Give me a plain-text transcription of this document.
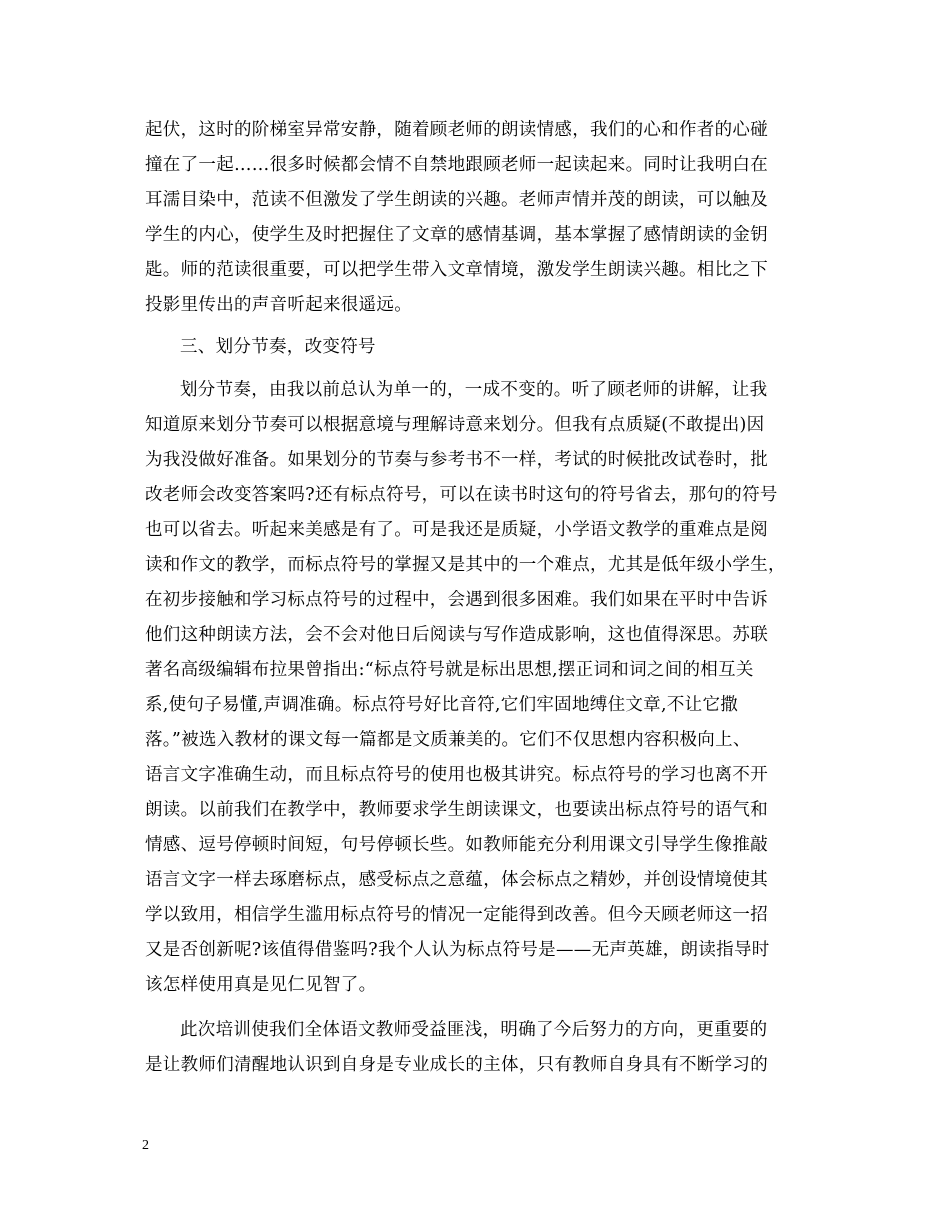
起伏，这时的阶梯室异常安静，随着顾老师的朗读情感，我们的心和作者的心碰
撞在了一起……很多时候都会情不自禁地跟顾老师一起读起来。同时让我明白在
耳濡目染中，范读不但激发了学生朗读的兴趣。老师声情并茂的朗读，可以触及
学生的内心，使学生及时把握住了文章的感情基调，基本掌握了感情朗读的金钥
匙。师的范读很重要，可以把学生带入文章情境，激发学生朗读兴趣。相比之下
投影里传出的声音听起来很遥远。
三、划分节奏，改变符号
划分节奏，由我以前总认为单一的，一成不变的。听了顾老师的讲解，让我
知道原来划分节奏可以根据意境与理解诗意来划分。但我有点质疑(不敢提出)因
为我没做好准备。如果划分的节奏与参考书不一样，考试的时候批改试卷时，批
改老师会改变答案吗?还有标点符号，可以在读书时这句的符号省去，那句的符号
也可以省去。听起来美感是有了。可是我还是质疑，小学语文教学的重难点是阅
读和作文的教学，而标点符号的掌握又是其中的一个难点，尤其是低年级小学生，
在初步接触和学习标点符号的过程中，会遇到很多困难。我们如果在平时中告诉
他们这种朗读方法，会不会对他日后阅读与写作造成影响，这也值得深思。苏联
著名高级编辑布拉果曾指出:“标点符号就是标出思想,摆正词和词之间的相互关
系,使句子易懂,声调准确。标点符号好比音符,它们牢固地缚住文章,不让它撒
落。”被选入教材的课文每一篇都是文质兼美的。它们不仅思想内容积极向上、
语言文字准确生动，而且标点符号的使用也极其讲究。标点符号的学习也离不开
朗读。以前我们在教学中，教师要求学生朗读课文，也要读出标点符号的语气和
情感、逗号停顿时间短，句号停顿长些。如教师能充分利用课文引导学生像推敲
语言文字一样去琢磨标点，感受标点之意蕴，体会标点之精妙，并创设情境使其
学以致用，相信学生滥用标点符号的情况一定能得到改善。但今天顾老师这一招
又是否创新呢?该值得借鉴吗?我个人认为标点符号是——无声英雄，朗读指导时
该怎样使用真是见仁见智了。
此次培训使我们全体语文教师受益匪浅，明确了今后努力的方向，更重要的
是让教师们清醒地认识到自身是专业成长的主体，只有教师自身具有不断学习的
2
